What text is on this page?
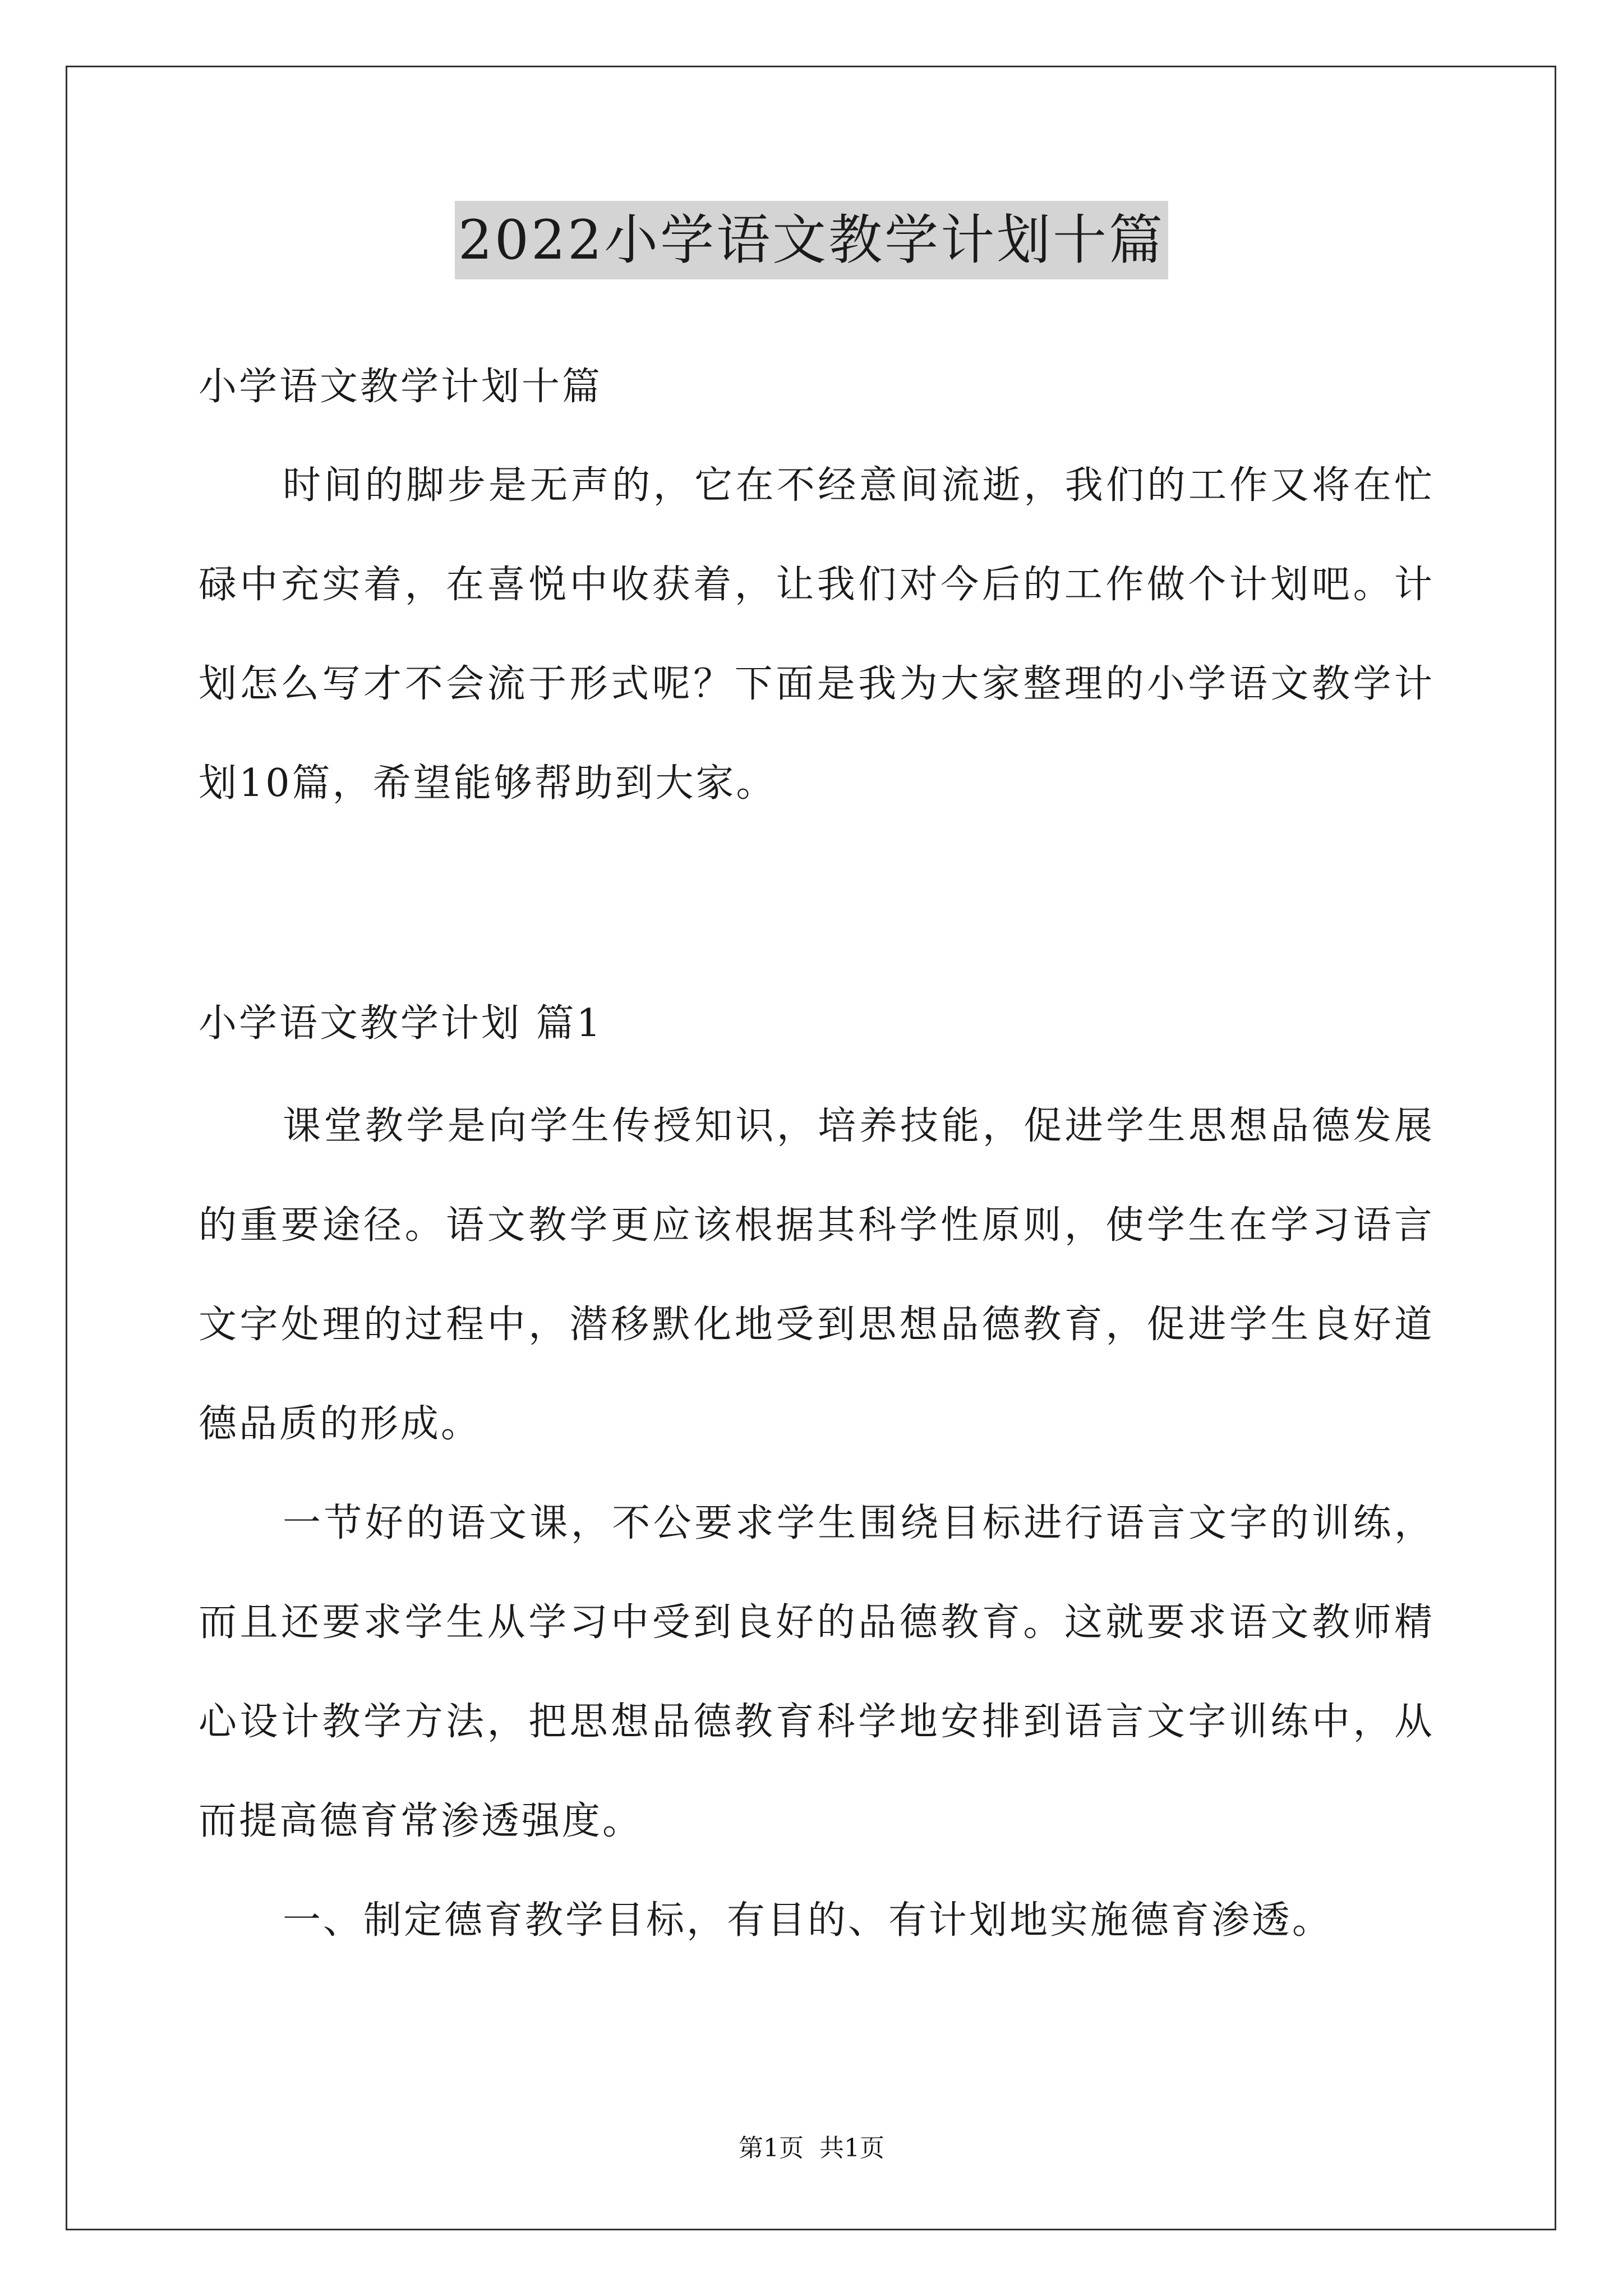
2022小学语文教学计划十篇
小学语文教学计划十篇
时间的脚步是无声的，它在不经意间流逝，我们的工作又将在忙
碌中充实着，在喜悦中收获着，让我们对今后的工作做个计划吧。计
划怎么写才不会流于形式呢？下面是我为大家整理的小学语文教学计
划10篇，希望能够帮助到大家。
小学语文教学计划 篇1
课堂教学是向学生传授知识，培养技能，促进学生思想品德发展
的重要途径。语文教学更应该根据其科学性原则，使学生在学习语言
文字处理的过程中，潜移默化地受到思想品德教育，促进学生良好道
德品质的形成。
一节好的语文课，不公要求学生围绕目标进行语言文字的训练，
而且还要求学生从学习中受到良好的品德教育。这就要求语文教师精
心设计教学方法，把思想品德教育科学地安排到语言文字训练中，从
而提高德育常渗透强度。
一、制定德育教学目标，有目的、有计划地实施德育渗透。
第1页 共1页
